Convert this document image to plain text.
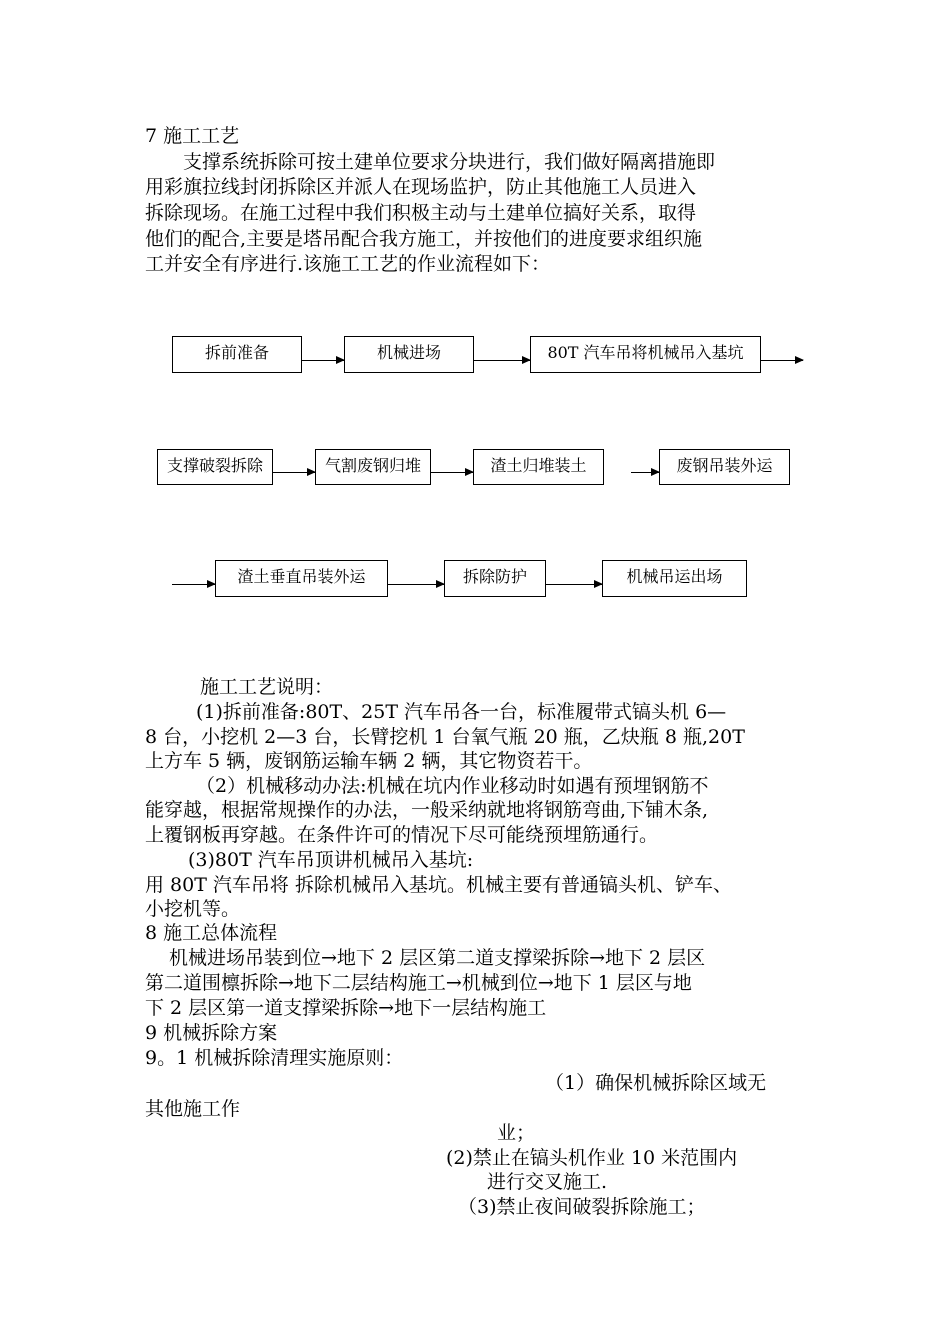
7 施工工艺
支撑系统拆除可按土建单位要求分块进行，我们做好隔离措施即
用彩旗拉线封闭拆除区并派人在现场监护，防止其他施工人员进入
拆除现场。在施工过程中我们积极主动与土建单位搞好关系，取得
他们的配合,主要是塔吊配合我方施工，并按他们的进度要求组织施
工并安全有序进行.该施工工艺的作业流程如下：
拆前准备	机械进场	80T 汽车吊将机械吊入基坑
支撑破裂拆除	气割废钢归堆	渣土归堆装土	废钢吊装外运
渣土垂直吊装外运	拆除防护	机械吊运出场
施工工艺说明：
(1)拆前准备:80T、25T 汽车吊各一台，标准履带式镐头机 6—
8 台，小挖机 2—3 台，长臂挖机 1 台氧气瓶 20 瓶，乙炔瓶 8 瓶,20T
上方车 5 辆，废钢筋运输车辆 2 辆，其它物资若干。
（2）机械移动办法:机械在坑内作业移动时如遇有预埋钢筋不
能穿越，根据常规操作的办法，一般采纳就地将钢筋弯曲,下铺木条,
上覆钢板再穿越。在条件许可的情况下尽可能绕预埋筋通行。
(3)80T 汽车吊顶讲机械吊入基坑:
用 80T 汽车吊将 拆除机械吊入基坑。机械主要有普通镐头机、铲车、
小挖机等。
8 施工总体流程
机械进场吊装到位→地下 2 层区第二道支撑梁拆除→地下 2 层区
第二道围檩拆除→地下二层结构施工→机械到位→地下 1 层区与地
下 2 层区第一道支撑梁拆除→地下一层结构施工
9 机械拆除方案
9。1 机械拆除清理实施原则：
（1）确保机械拆除区域无
其他施工作
业；
(2)禁止在镐头机作业 10 米范围内
进行交叉施工.
（3)禁止夜间破裂拆除施工；
